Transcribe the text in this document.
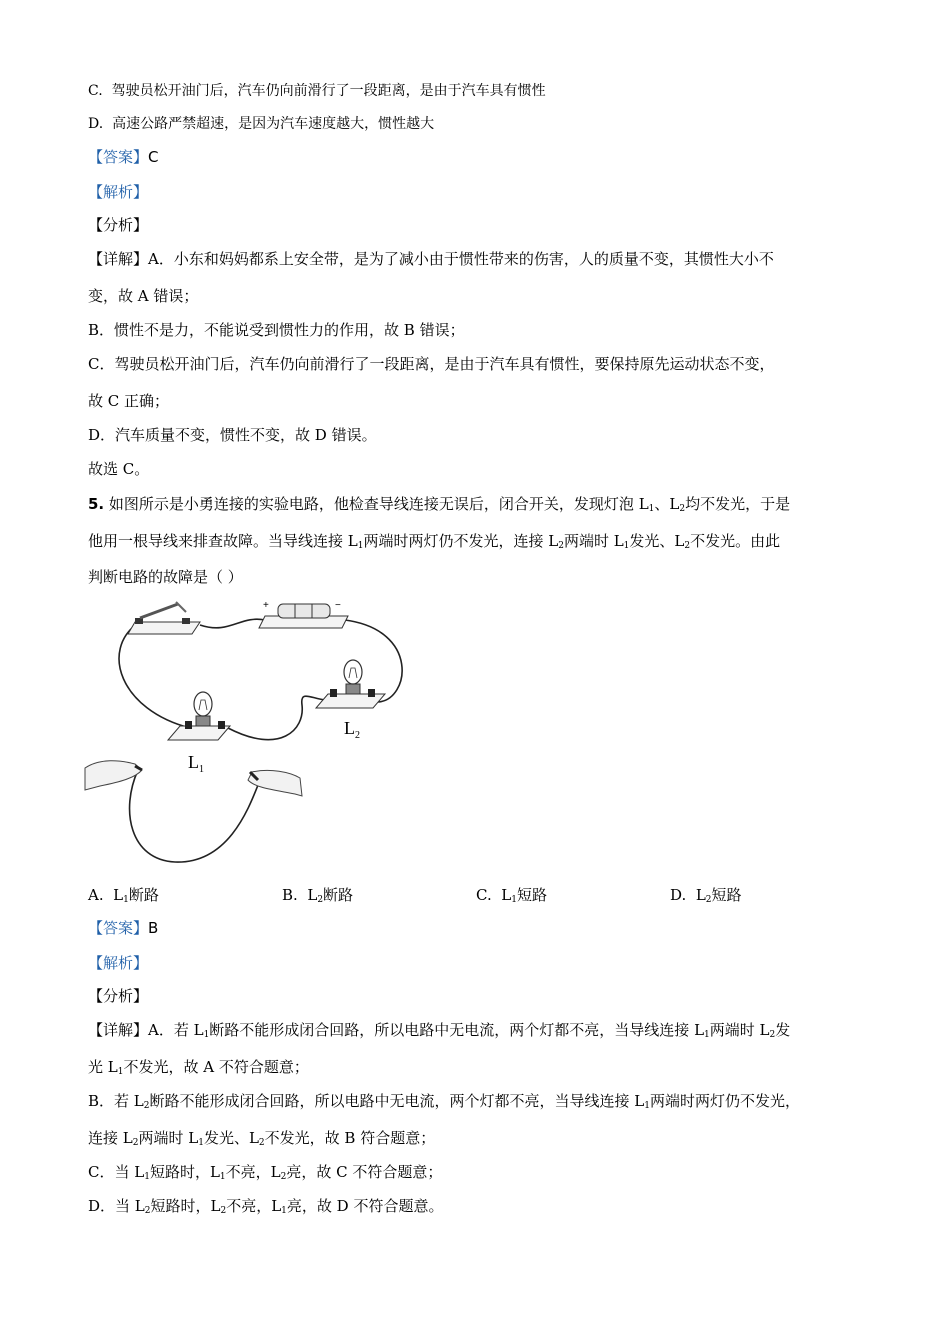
C. 驾驶员松开油门后，汽车仍向前滑行了一段距离，是由于汽车具有惯性
D. 高速公路严禁超速，是因为汽车速度越大，惯性越大
【答案】C
【解析】
【分析】
【详解】A．小东和妈妈都系上安全带，是为了减小由于惯性带来的伤害，人的质量不变，其惯性大小不
变，故 A 错误；
B．惯性不是力，不能说受到惯性力的作用，故 B 错误；
C．驾驶员松开油门后，汽车仍向前滑行了一段距离，是由于汽车具有惯性，要保持原先运动状态不变，
故 C 正确；
D．汽车质量不变，惯性不变，故 D 错误。
故选 C。
5. 如图所示是小勇连接的实验电路，他检查导线连接无误后，闭合开关，发现灯泡 $L_1$、$L_2$均不发光，于是
他用一根导线来排查故障。当导线连接 $L_1$两端时两灯仍不发光，连接 $L_2$两端时 $L_1$发光、$L_2$不发光。由此
判断电路的故障是（ ）
+	−
$L_1$
$L_2$
A. $L_1$断路	B. $L_2$断路	C. $L_1$短路	D. $L_2$短路
【答案】B
【解析】
【分析】
【详解】A．若 $L_1$断路不能形成闭合回路，所以电路中无电流，两个灯都不亮，当导线连接 $L_1$两端时 $L_2$发
光 $L_1$不发光，故 A 不符合题意；
B．若 $L_2$断路不能形成闭合回路，所以电路中无电流，两个灯都不亮，当导线连接 $L_1$两端时两灯仍不发光，
连接 $L_2$两端时 $L_1$发光、$L_2$不发光，故 B 符合题意；
C．当 $L_1$短路时，$L_1$不亮，$L_2$亮，故 C 不符合题意；
D．当 $L_2$短路时，$L_2$不亮，$L_1$亮，故 D 不符合题意。
